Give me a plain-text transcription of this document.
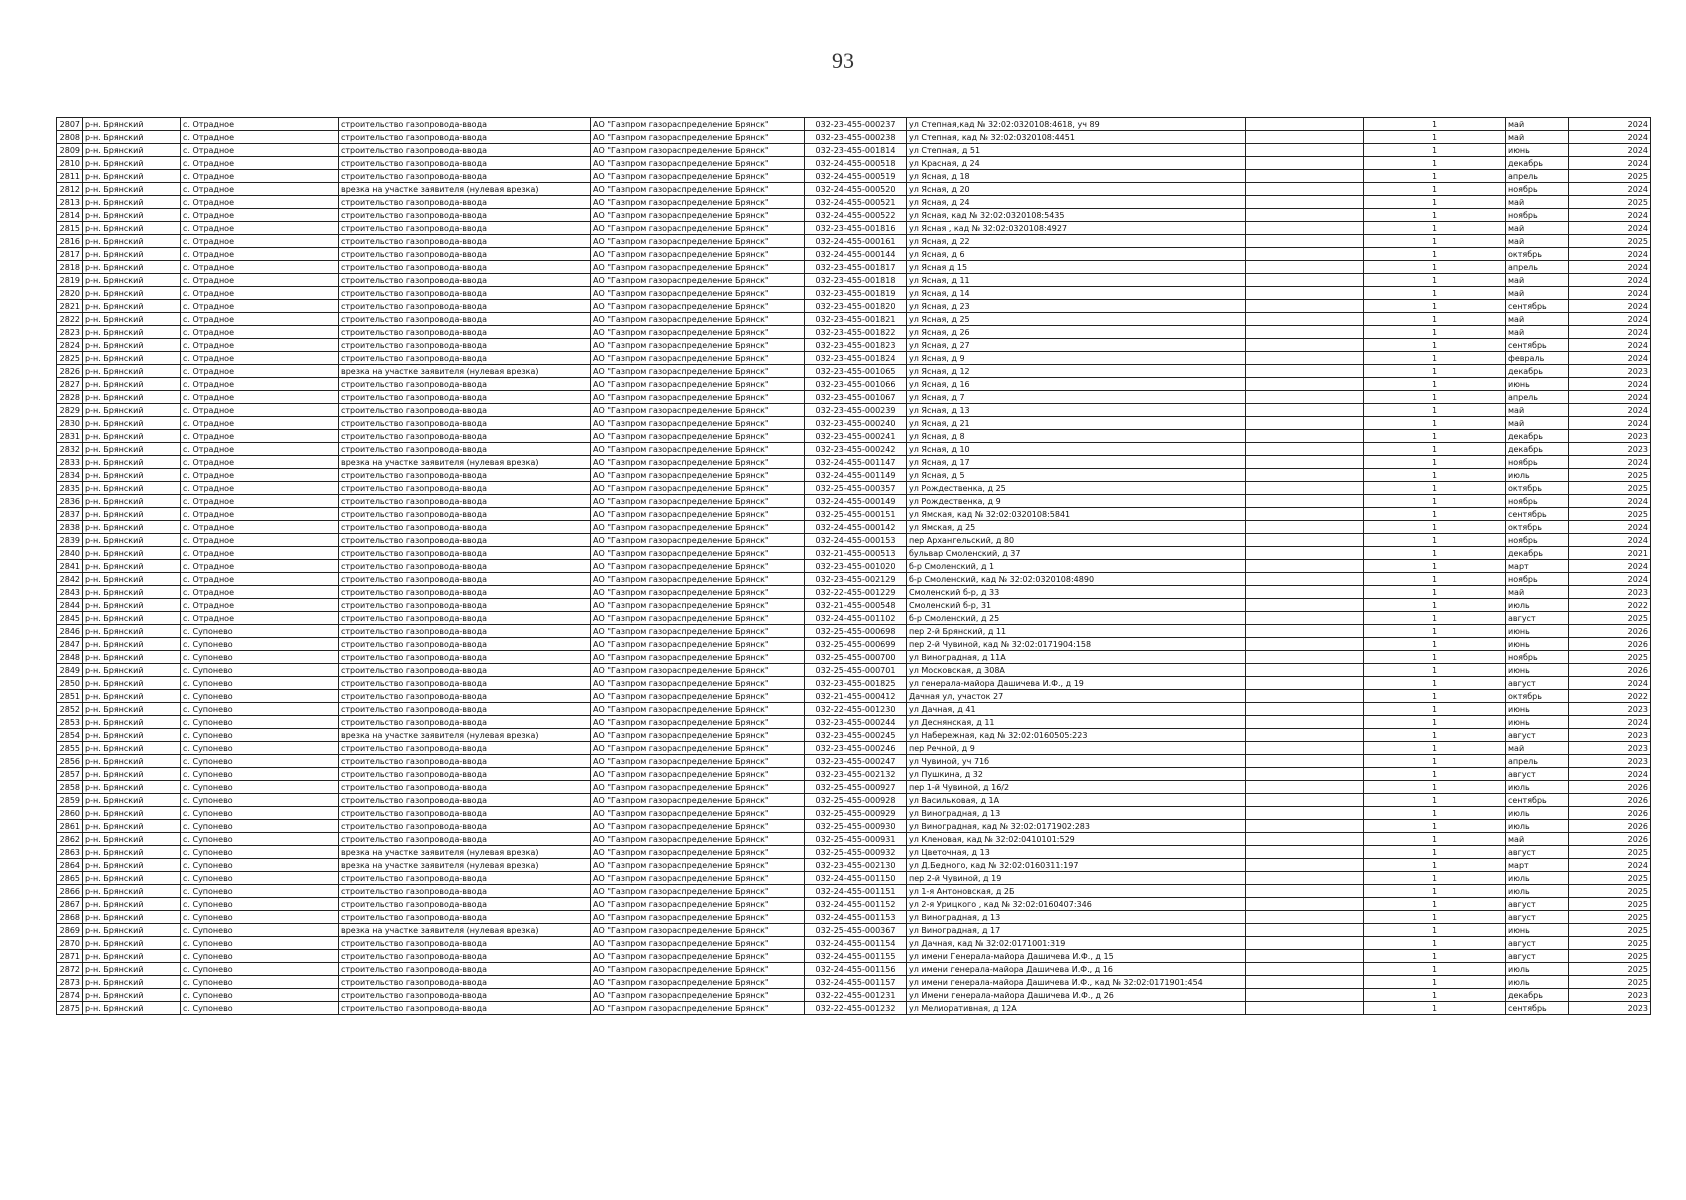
93
2807	р-н. Брянский	с. Отрадное	строительство газопровода-ввода	АО "Газпром газораспределение Брянск"	032-23-455-000237	ул Степная,кад № 32:02:0320108:4618, уч 89		1	май	2024
2808	р-н. Брянский	с. Отрадное	строительство газопровода-ввода	АО "Газпром газораспределение Брянск"	032-23-455-000238	ул Степная, кад № 32:02:0320108:4451		1	май	2024
2809	р-н. Брянский	с. Отрадное	строительство газопровода-ввода	АО "Газпром газораспределение Брянск"	032-23-455-001814	ул Степная, д 51		1	июнь	2024
2810	р-н. Брянский	с. Отрадное	строительство газопровода-ввода	АО "Газпром газораспределение Брянск"	032-24-455-000518	ул Красная, д 24		1	декабрь	2024
2811	р-н. Брянский	с. Отрадное	строительство газопровода-ввода	АО "Газпром газораспределение Брянск"	032-24-455-000519	ул Ясная, д 18		1	апрель	2025
2812	р-н. Брянский	с. Отрадное	врезка на участке заявителя (нулевая врезка)	АО "Газпром газораспределение Брянск"	032-24-455-000520	ул Ясная, д 20		1	ноябрь	2024
2813	р-н. Брянский	с. Отрадное	строительство газопровода-ввода	АО "Газпром газораспределение Брянск"	032-24-455-000521	ул Ясная, д 24		1	май	2025
2814	р-н. Брянский	с. Отрадное	строительство газопровода-ввода	АО "Газпром газораспределение Брянск"	032-24-455-000522	ул Ясная, кад № 32:02:0320108:5435		1	ноябрь	2024
2815	р-н. Брянский	с. Отрадное	строительство газопровода-ввода	АО "Газпром газораспределение Брянск"	032-23-455-001816	ул Ясная , кад № 32:02:0320108:4927		1	май	2024
2816	р-н. Брянский	с. Отрадное	строительство газопровода-ввода	АО "Газпром газораспределение Брянск"	032-24-455-000161	ул Ясная, д 22		1	май	2025
2817	р-н. Брянский	с. Отрадное	строительство газопровода-ввода	АО "Газпром газораспределение Брянск"	032-24-455-000144	ул Ясная, д 6		1	октябрь	2024
2818	р-н. Брянский	с. Отрадное	строительство газопровода-ввода	АО "Газпром газораспределение Брянск"	032-23-455-001817	ул Ясная д 15		1	апрель	2024
2819	р-н. Брянский	с. Отрадное	строительство газопровода-ввода	АО "Газпром газораспределение Брянск"	032-23-455-001818	ул Ясная, д 11		1	май	2024
2820	р-н. Брянский	с. Отрадное	строительство газопровода-ввода	АО "Газпром газораспределение Брянск"	032-23-455-001819	ул Ясная, д 14		1	май	2024
2821	р-н. Брянский	с. Отрадное	строительство газопровода-ввода	АО "Газпром газораспределение Брянск"	032-23-455-001820	ул Ясная, д 23		1	сентябрь	2024
2822	р-н. Брянский	с. Отрадное	строительство газопровода-ввода	АО "Газпром газораспределение Брянск"	032-23-455-001821	ул Ясная, д 25		1	май	2024
2823	р-н. Брянский	с. Отрадное	строительство газопровода-ввода	АО "Газпром газораспределение Брянск"	032-23-455-001822	ул Ясная, д 26		1	май	2024
2824	р-н. Брянский	с. Отрадное	строительство газопровода-ввода	АО "Газпром газораспределение Брянск"	032-23-455-001823	ул Ясная, д 27		1	сентябрь	2024
2825	р-н. Брянский	с. Отрадное	строительство газопровода-ввода	АО "Газпром газораспределение Брянск"	032-23-455-001824	ул Ясная, д 9		1	февраль	2024
2826	р-н. Брянский	с. Отрадное	врезка на участке заявителя (нулевая врезка)	АО "Газпром газораспределение Брянск"	032-23-455-001065	ул Ясная, д 12		1	декабрь	2023
2827	р-н. Брянский	с. Отрадное	строительство газопровода-ввода	АО "Газпром газораспределение Брянск"	032-23-455-001066	ул Ясная, д 16		1	июнь	2024
2828	р-н. Брянский	с. Отрадное	строительство газопровода-ввода	АО "Газпром газораспределение Брянск"	032-23-455-001067	ул Ясная, д 7		1	апрель	2024
2829	р-н. Брянский	с. Отрадное	строительство газопровода-ввода	АО "Газпром газораспределение Брянск"	032-23-455-000239	ул Ясная, д 13		1	май	2024
2830	р-н. Брянский	с. Отрадное	строительство газопровода-ввода	АО "Газпром газораспределение Брянск"	032-23-455-000240	ул Ясная, д 21		1	май	2024
2831	р-н. Брянский	с. Отрадное	строительство газопровода-ввода	АО "Газпром газораспределение Брянск"	032-23-455-000241	ул Ясная, д 8		1	декабрь	2023
2832	р-н. Брянский	с. Отрадное	строительство газопровода-ввода	АО "Газпром газораспределение Брянск"	032-23-455-000242	ул Ясная, д 10		1	декабрь	2023
2833	р-н. Брянский	с. Отрадное	врезка на участке заявителя (нулевая врезка)	АО "Газпром газораспределение Брянск"	032-24-455-001147	ул Ясная, д 17		1	ноябрь	2024
2834	р-н. Брянский	с. Отрадное	строительство газопровода-ввода	АО "Газпром газораспределение Брянск"	032-24-455-001149	ул Ясная, д 5		1	июль	2025
2835	р-н. Брянский	с. Отрадное	строительство газопровода-ввода	АО "Газпром газораспределение Брянск"	032-25-455-000357	ул Рождественка, д 25		1	октябрь	2025
2836	р-н. Брянский	с. Отрадное	строительство газопровода-ввода	АО "Газпром газораспределение Брянск"	032-24-455-000149	ул Рождественка, д 9		1	ноябрь	2024
2837	р-н. Брянский	с. Отрадное	строительство газопровода-ввода	АО "Газпром газораспределение Брянск"	032-25-455-000151	ул Ямская, кад № 32:02:0320108:5841		1	сентябрь	2025
2838	р-н. Брянский	с. Отрадное	строительство газопровода-ввода	АО "Газпром газораспределение Брянск"	032-24-455-000142	ул Ямская, д 25		1	октябрь	2024
2839	р-н. Брянский	с. Отрадное	строительство газопровода-ввода	АО "Газпром газораспределение Брянск"	032-24-455-000153	пер Архангельский, д 80		1	ноябрь	2024
2840	р-н. Брянский	с. Отрадное	строительство газопровода-ввода	АО "Газпром газораспределение Брянск"	032-21-455-000513	бульвар Смоленский, д 37		1	декабрь	2021
2841	р-н. Брянский	с. Отрадное	строительство газопровода-ввода	АО "Газпром газораспределение Брянск"	032-23-455-001020	б-р Смоленский, д 1		1	март	2024
2842	р-н. Брянский	с. Отрадное	строительство газопровода-ввода	АО "Газпром газораспределение Брянск"	032-23-455-002129	б-р Смоленский, кад № 32:02:0320108:4890		1	ноябрь	2024
2843	р-н. Брянский	с. Отрадное	строительство газопровода-ввода	АО "Газпром газораспределение Брянск"	032-22-455-001229	Смоленский б-р, д 33		1	май	2023
2844	р-н. Брянский	с. Отрадное	строительство газопровода-ввода	АО "Газпром газораспределение Брянск"	032-21-455-000548	Смоленский б-р, 31		1	июль	2022
2845	р-н. Брянский	с. Отрадное	строительство газопровода-ввода	АО "Газпром газораспределение Брянск"	032-24-455-001102	б-р Смоленский, д 25		1	август	2025
2846	р-н. Брянский	с. Супонево	строительство газопровода-ввода	АО "Газпром газораспределение Брянск"	032-25-455-000698	пер 2-й Брянский, д 11		1	июнь	2026
2847	р-н. Брянский	с. Супонево	строительство газопровода-ввода	АО "Газпром газораспределение Брянск"	032-25-455-000699	пер 2-й Чувиной, кад № 32:02:0171904:158		1	июнь	2026
2848	р-н. Брянский	с. Супонево	строительство газопровода-ввода	АО "Газпром газораспределение Брянск"	032-25-455-000700	ул Виноградная, д 11А		1	ноябрь	2025
2849	р-н. Брянский	с. Супонево	строительство газопровода-ввода	АО "Газпром газораспределение Брянск"	032-25-455-000701	ул Московская, д 308А		1	июнь	2026
2850	р-н. Брянский	с. Супонево	строительство газопровода-ввода	АО "Газпром газораспределение Брянск"	032-23-455-001825	ул генерала-майора Дашичева И.Ф., д 19		1	август	2024
2851	р-н. Брянский	с. Супонево	строительство газопровода-ввода	АО "Газпром газораспределение Брянск"	032-21-455-000412	Дачная ул, участок 27		1	октябрь	2022
2852	р-н. Брянский	с. Супонево	строительство газопровода-ввода	АО "Газпром газораспределение Брянск"	032-22-455-001230	ул Дачная, д 41		1	июнь	2023
2853	р-н. Брянский	с. Супонево	строительство газопровода-ввода	АО "Газпром газораспределение Брянск"	032-23-455-000244	ул Деснянская, д 11		1	июнь	2024
2854	р-н. Брянский	с. Супонево	врезка на участке заявителя (нулевая врезка)	АО "Газпром газораспределение Брянск"	032-23-455-000245	ул Набережная, кад № 32:02:0160505:223		1	август	2023
2855	р-н. Брянский	с. Супонево	строительство газопровода-ввода	АО "Газпром газораспределение Брянск"	032-23-455-000246	пер Речной, д 9		1	май	2023
2856	р-н. Брянский	с. Супонево	строительство газопровода-ввода	АО "Газпром газораспределение Брянск"	032-23-455-000247	ул Чувиной, уч 71б		1	апрель	2023
2857	р-н. Брянский	с. Супонево	строительство газопровода-ввода	АО "Газпром газораспределение Брянск"	032-23-455-002132	ул Пушкина, д 32		1	август	2024
2858	р-н. Брянский	с. Супонево	строительство газопровода-ввода	АО "Газпром газораспределение Брянск"	032-25-455-000927	пер 1-й Чувиной, д 16/2		1	июль	2026
2859	р-н. Брянский	с. Супонево	строительство газопровода-ввода	АО "Газпром газораспределение Брянск"	032-25-455-000928	ул Васильковая, д 1А		1	сентябрь	2026
2860	р-н. Брянский	с. Супонево	строительство газопровода-ввода	АО "Газпром газораспределение Брянск"	032-25-455-000929	ул Виноградная, д 13		1	июль	2026
2861	р-н. Брянский	с. Супонево	строительство газопровода-ввода	АО "Газпром газораспределение Брянск"	032-25-455-000930	ул Виноградная, кад № 32:02:0171902:283		1	июль	2026
2862	р-н. Брянский	с. Супонево	строительство газопровода-ввода	АО "Газпром газораспределение Брянск"	032-25-455-000931	ул Кленовая, кад № 32:02:0410101:529		1	май	2026
2863	р-н. Брянский	с. Супонево	врезка на участке заявителя (нулевая врезка)	АО "Газпром газораспределение Брянск"	032-25-455-000932	ул Цветочная, д 13		1	август	2025
2864	р-н. Брянский	с. Супонево	врезка на участке заявителя (нулевая врезка)	АО "Газпром газораспределение Брянск"	032-23-455-002130	ул Д.Бедного, кад № 32:02:0160311:197		1	март	2024
2865	р-н. Брянский	с. Супонево	строительство газопровода-ввода	АО "Газпром газораспределение Брянск"	032-24-455-001150	пер 2-й Чувиной, д 19		1	июль	2025
2866	р-н. Брянский	с. Супонево	строительство газопровода-ввода	АО "Газпром газораспределение Брянск"	032-24-455-001151	ул 1-я Антоновская, д 2Б		1	июль	2025
2867	р-н. Брянский	с. Супонево	строительство газопровода-ввода	АО "Газпром газораспределение Брянск"	032-24-455-001152	ул 2-я Урицкого , кад № 32:02:0160407:346		1	август	2025
2868	р-н. Брянский	с. Супонево	строительство газопровода-ввода	АО "Газпром газораспределение Брянск"	032-24-455-001153	ул Виноградная, д 13		1	август	2025
2869	р-н. Брянский	с. Супонево	врезка на участке заявителя (нулевая врезка)	АО "Газпром газораспределение Брянск"	032-25-455-000367	ул Виноградная, д 17		1	июнь	2025
2870	р-н. Брянский	с. Супонево	строительство газопровода-ввода	АО "Газпром газораспределение Брянск"	032-24-455-001154	ул Дачная, кад № 32:02:0171001:319		1	август	2025
2871	р-н. Брянский	с. Супонево	строительство газопровода-ввода	АО "Газпром газораспределение Брянск"	032-24-455-001155	ул имени Генерала-майора Дашичева И.Ф., д 15		1	август	2025
2872	р-н. Брянский	с. Супонево	строительство газопровода-ввода	АО "Газпром газораспределение Брянск"	032-24-455-001156	ул имени генерала-майора Дашичева И.Ф., д 16		1	июль	2025
2873	р-н. Брянский	с. Супонево	строительство газопровода-ввода	АО "Газпром газораспределение Брянск"	032-24-455-001157	ул имени генерала-майора Дашичева И.Ф., кад № 32:02:0171901:454		1	июль	2025
2874	р-н. Брянский	с. Супонево	строительство газопровода-ввода	АО "Газпром газораспределение Брянск"	032-22-455-001231	ул Имени генерала-майора Дашичева И.Ф., д 26		1	декабрь	2023
2875	р-н. Брянский	с. Супонево	строительство газопровода-ввода	АО "Газпром газораспределение Брянск"	032-22-455-001232	ул Мелиоративная, д 12А		1	сентябрь	2023
